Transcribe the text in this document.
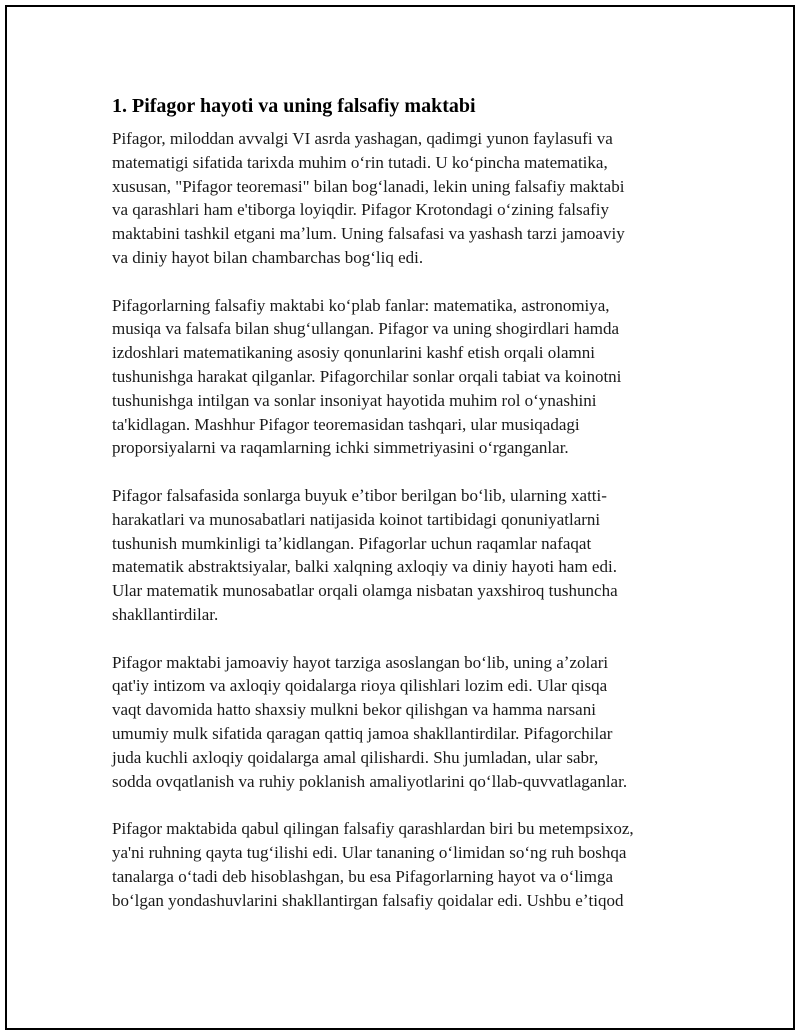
1. Pifagor hayoti va uning falsafiy maktabi

Pifagor, miloddan avvalgi VI asrda yashagan, qadimgi yunon faylasufi va
matematigi sifatida tarixda muhim oʻrin tutadi. U koʻpincha matematika,
xususan, "Pifagor teoremasi" bilan bogʻlanadi, lekin uning falsafiy maktabi
va qarashlari ham e'tiborga loyiqdir. Pifagor Krotondagi oʻzining falsafiy
maktabini tashkil etgani maʼlum. Uning falsafasi va yashash tarzi jamoaviy
va diniy hayot bilan chambarchas bogʻliq edi.

Pifagorlarning falsafiy maktabi koʻplab fanlar: matematika, astronomiya,
musiqa va falsafa bilan shugʻullangan. Pifagor va uning shogirdlari hamda
izdoshlari matematikaning asosiy qonunlarini kashf etish orqali olamni
tushunishga harakat qilganlar. Pifagorchilar sonlar orqali tabiat va koinotni
tushunishga intilgan va sonlar insoniyat hayotida muhim rol oʻynashini
ta'kidlagan. Mashhur Pifagor teoremasidan tashqari, ular musiqadagi
proporsiyalarni va raqamlarning ichki simmetriyasini oʻrganganlar.

Pifagor falsafasida sonlarga buyuk eʼtibor berilgan boʻlib, ularning xatti-
harakatlari va munosabatlari natijasida koinot tartibidagi qonuniyatlarni
tushunish mumkinligi taʼkidlangan. Pifagorlar uchun raqamlar nafaqat
matematik abstraktsiyalar, balki xalqning axloqiy va diniy hayoti ham edi.
Ular matematik munosabatlar orqali olamga nisbatan yaxshiroq tushuncha
shakllantirdilar.

Pifagor maktabi jamoaviy hayot tarziga asoslangan boʻlib, uning aʼzolari
qat'iy intizom va axloqiy qoidalarga rioya qilishlari lozim edi. Ular qisqa
vaqt davomida hatto shaxsiy mulkni bekor qilishgan va hamma narsani
umumiy mulk sifatida qaragan qattiq jamoa shakllantirdilar. Pifagorchilar
juda kuchli axloqiy qoidalarga amal qilishardi. Shu jumladan, ular sabr,
sodda ovqatlanish va ruhiy poklanish amaliyotlarini qoʻllab-quvvatlaganlar.

Pifagor maktabida qabul qilingan falsafiy qarashlardan biri bu metempsixoz,
ya'ni ruhning qayta tugʻilishi edi. Ular tananing oʻlimidan soʻng ruh boshqa
tanalarga oʻtadi deb hisoblashgan, bu esa Pifagorlarning hayot va oʻlimga
boʻlgan yondashuvlarini shakllantirgan falsafiy qoidalar edi. Ushbu eʼtiqod
